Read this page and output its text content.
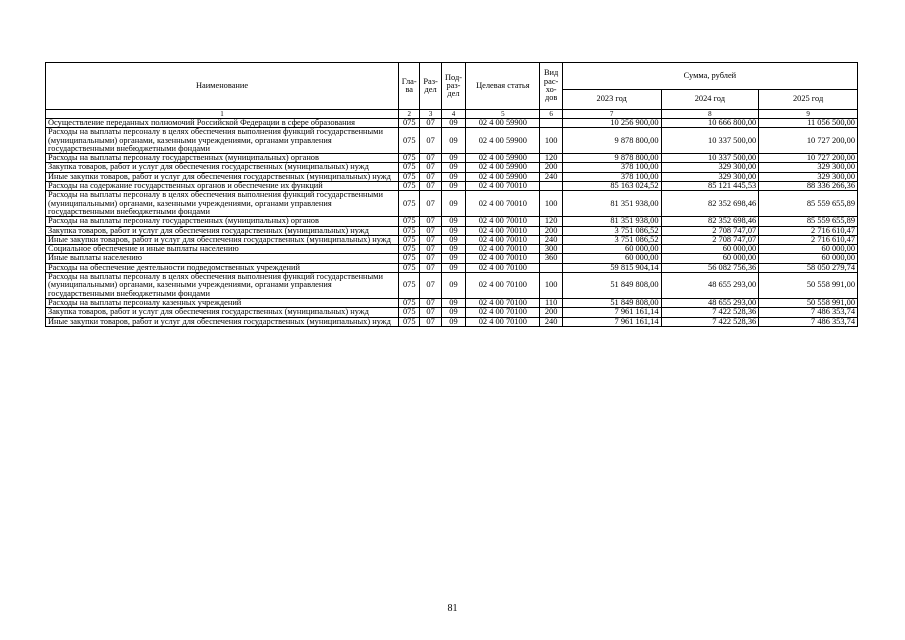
Наименование	Гла-ва	Раз-дел	Под-раз-дел	Целевая статья	Вид рас-хо-дов	Сумма, рублей		
						2023 год	2024 год	2025 год
1	2	3	4	5	6	7	8	9
Осуществление переданных полномочий Российской Федерации в сфере образования	075	07	09	02 4 00 59900		10 256 900,00	10 666 800,00	11 056 500,00
Расходы на выплаты персоналу в целях обеспечения выполнения функций государственными (муниципальными) органами, казенными учреждениями, органами управления государственными внебюджетными фондами	075	07	09	02 4 00 59900	100	9 878 800,00	10 337 500,00	10 727 200,00
Расходы на выплаты персоналу государственных (муниципальных) органов	075	07	09	02 4 00 59900	120	9 878 800,00	10 337 500,00	10 727 200,00
Закупка товаров, работ и услуг для обеспечения государственных (муниципальных) нужд	075	07	09	02 4 00 59900	200	378 100,00	329 300,00	329 300,00
Иные закупки товаров, работ и услуг для обеспечения государственных (муниципальных) нужд	075	07	09	02 4 00 59900	240	378 100,00	329 300,00	329 300,00
Расходы на содержание государственных органов и обеспечение их функций	075	07	09	02 4 00 70010		85 163 024,52	85 121 445,53	88 336 266,36
Расходы на выплаты персоналу в целях обеспечения выполнения функций государственными (муниципальными) органами, казенными учреждениями, органами управления государственными внебюджетными фондами	075	07	09	02 4 00 70010	100	81 351 938,00	82 352 698,46	85 559 655,89
Расходы на выплаты персоналу государственных (муниципальных) органов	075	07	09	02 4 00 70010	120	81 351 938,00	82 352 698,46	85 559 655,89
Закупка товаров, работ и услуг для обеспечения государственных (муниципальных) нужд	075	07	09	02 4 00 70010	200	3 751 086,52	2 708 747,07	2 716 610,47
Иные закупки товаров, работ и услуг для обеспечения государственных (муниципальных) нужд	075	07	09	02 4 00 70010	240	3 751 086,52	2 708 747,07	2 716 610,47
Социальное обеспечение и иные выплаты населению	075	07	09	02 4 00 70010	300	60 000,00	60 000,00	60 000,00
Иные выплаты населению	075	07	09	02 4 00 70010	360	60 000,00	60 000,00	60 000,00
Расходы на обеспечение деятельности подведомственных учреждений	075	07	09	02 4 00 70100		59 815 904,14	56 082 756,36	58 050 279,74
Расходы на выплаты персоналу в целях обеспечения выполнения функций государственными (муниципальными) органами, казенными учреждениями, органами управления государственными внебюджетными фондами	075	07	09	02 4 00 70100	100	51 849 808,00	48 655 293,00	50 558 991,00
Расходы на выплаты персоналу казенных учреждений	075	07	09	02 4 00 70100	110	51 849 808,00	48 655 293,00	50 558 991,00
Закупка товаров, работ и услуг для обеспечения государственных (муниципальных) нужд	075	07	09	02 4 00 70100	200	7 961 161,14	7 422 528,36	7 486 353,74
Иные закупки товаров, работ и услуг для обеспечения государственных (муниципальных) нужд	075	07	09	02 4 00 70100	240	7 961 161,14	7 422 528,36	7 486 353,74
81
